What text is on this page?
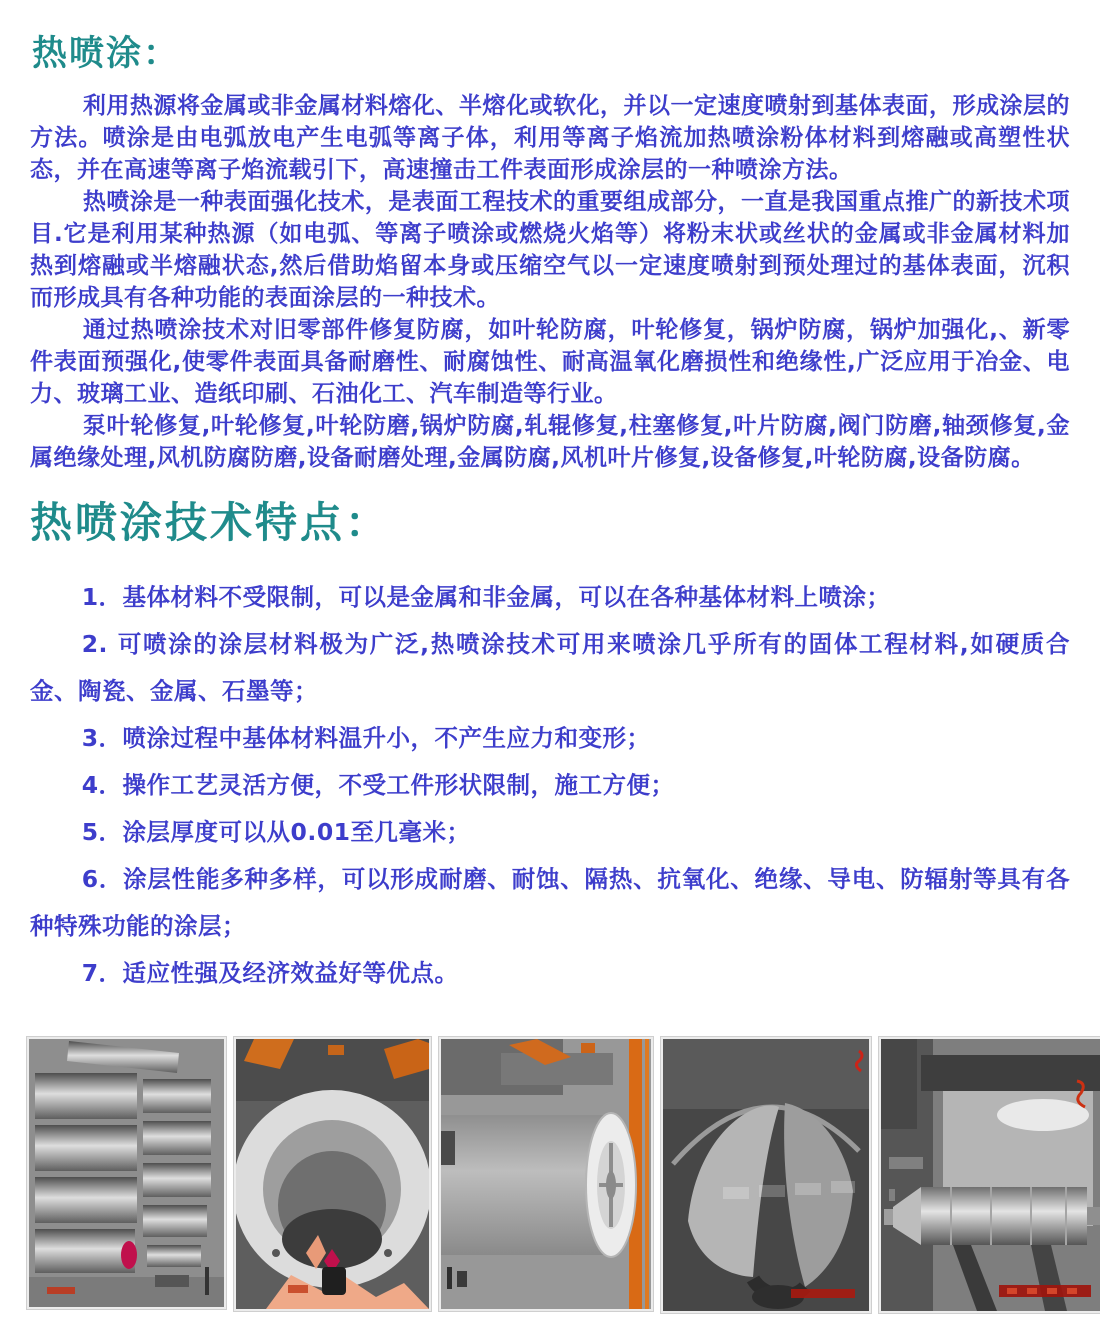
热喷涂：

利用热源将金属或非金属材料熔化、半熔化或软化，并以一定速度喷射到基体表面，形成涂层的方法。喷涂是由电弧放电产生电弧等离子体，利用等离子焰流加热喷涂粉体材料到熔融或高塑性状态，并在高速等离子焰流载引下，高速撞击工件表面形成涂层的一种喷涂方法。

热喷涂是一种表面强化技术，是表面工程技术的重要组成部分，一直是我国重点推广的新技术项目.它是利用某种热源（如电弧、等离子喷涂或燃烧火焰等）将粉末状或丝状的金属或非金属材料加热到熔融或半熔融状态,然后借助焰留本身或压缩空气以一定速度喷射到预处理过的基体表面，沉积而形成具有各种功能的表面涂层的一种技术。

通过热喷涂技术对旧零部件修复防腐，如叶轮防腐，叶轮修复，锅炉防腐，锅炉加强化,、新零件表面预强化,使零件表面具备耐磨性、耐腐蚀性、耐高温氧化磨损性和绝缘性,广泛应用于冶金、电力、玻璃工业、造纸印刷、石油化工、汽车制造等行业。

泵叶轮修复,叶轮修复,叶轮防磨,锅炉防腐,轧辊修复,柱塞修复,叶片防腐,阀门防磨,轴颈修复,金属绝缘处理,风机防腐防磨,设备耐磨处理,金属防腐,风机叶片修复,设备修复,叶轮防腐,设备防腐。

热喷涂技术特点：

1．基体材料不受限制，可以是金属和非金属，可以在各种基体材料上喷涂；

2. 可喷涂的涂层材料极为广泛,热喷涂技术可用来喷涂几乎所有的固体工程材料,如硬质合金、陶瓷、金属、石墨等；

3．喷涂过程中基体材料温升小，不产生应力和变形；

4．操作工艺灵活方便，不受工件形状限制，施工方便；

5．涂层厚度可以从0.01至几毫米；

6．涂层性能多种多样，可以形成耐磨、耐蚀、隔热、抗氧化、绝缘、导电、防辐射等具有各种特殊功能的涂层；

7．适应性强及经济效益好等优点。
